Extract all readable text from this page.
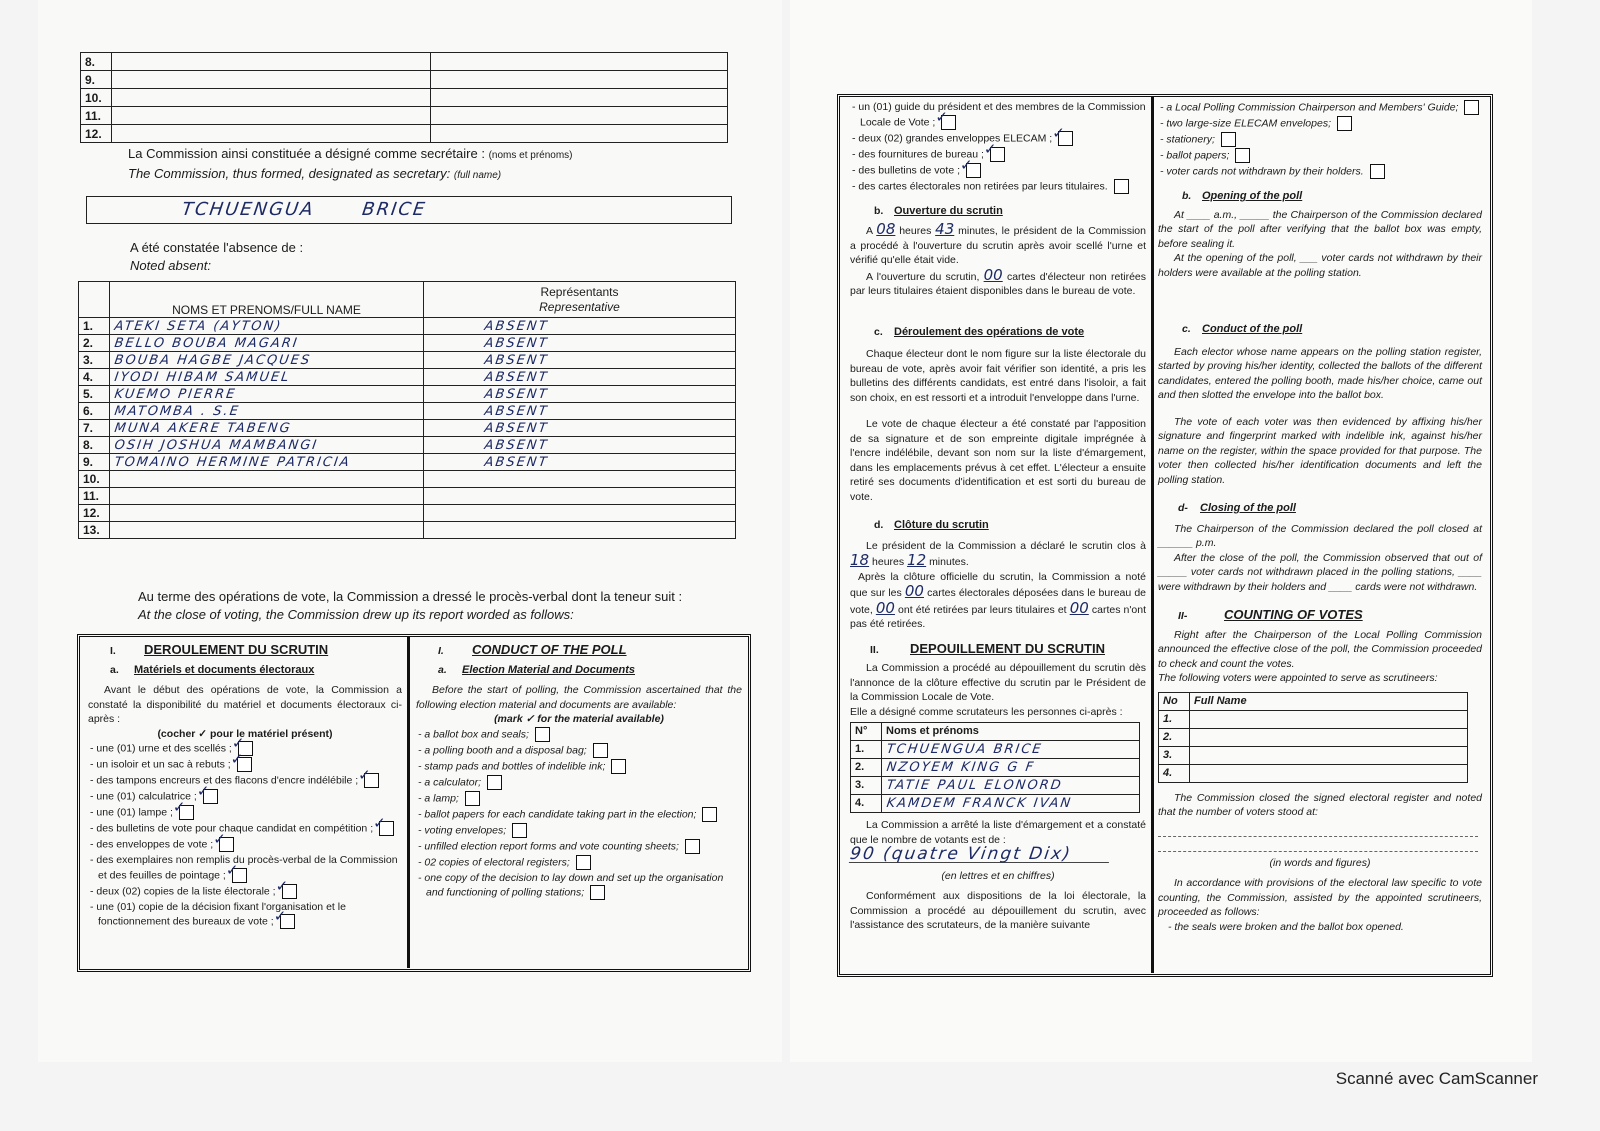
8.		
9.		
10.		
11.		
12.		
La Commission ainsi constituée a désigné comme secrétaire : (noms et prénoms)
The Commission, thus formed, designated as secretary: (full name)
TCHUENGUA BRICE
A été constatée l'absence de :
Noted absent:
	NOMS ET PRENOMS/FULL NAME	Représentants
Representative

1.	ATEKI SETA (AYTON)	ABSENT
2.	BELLO BOUBA MAGARI	ABSENT
3.	BOUBA HAGBE JACQUES	ABSENT
4.	IYODI HIBAM SAMUEL	ABSENT
5.	KUEMO PIERRE	ABSENT
6.	MATOMBA . S.E	ABSENT
7.	MUNA AKERE TABENG	ABSENT
8.	OSIH JOSHUA MAMBANGI	ABSENT
9.	TOMAINO HERMINE PATRICIA	ABSENT
10.		
11.		
12.		
13.		
Au terme des opérations de vote, la Commission a dressé le procès-verbal dont la teneur suit :
At the close of voting, the Commission drew up its report worded as follows:
I. DEROULEMENT DU SCRUTIN
a. Matériels et documents électoraux

Avant le début des opérations de vote, la Commission a constaté la disponibilité du matériel et documents électoraux ci-après :

(cocher ✓ pour le matériel présent)
- une (01) urne et des scellés ;✓
- un isoloir et un sac à rebuts ;✓
- des tampons encreurs et des flacons d'encre indélébile ;✓
- une (01) calculatrice ;✓
- une (01) lampe ;✓
- des bulletins de vote pour chaque candidat en compétition ;✓
- des enveloppes de vote ;✓
- des exemplaires non remplis du procès-verbal de la Commission et des feuilles de pointage ;✓
- deux (02) copies de la liste électorale ;✓
- une (01) copie de la décision fixant l'organisation et le fonctionnement des bureaux de vote ;✓
I. CONDUCT OF THE POLL
a. Election Material and Documents

Before the start of polling, the Commission ascertained that the following election material and documents are available:

(mark ✓ for the material available)
- a ballot box and seals;
- a polling booth and a disposal bag;
- stamp pads and bottles of indelible ink;
- a calculator;
- a lamp;
- ballot papers for each candidate taking part in the election;
- voting envelopes;
- unfilled election report forms and vote counting sheets;
- 02 copies of electoral registers;
- one copy of the decision to lay down and set up the organisation and functioning of polling stations;
- un (01) guide du président et des membres de la Commission Locale de Vote ;✓
- deux (02) grandes enveloppes ELECAM ;✓
- des fournitures de bureau ;✓
- des bulletins de vote ;✓
- des cartes électorales non retirées par leurs titulaires.
b. Ouverture du scrutin

A 08 heures 43 minutes, le président de la Commission a procédé à l'ouverture du scrutin après avoir scellé l'urne et vérifié qu'elle était vide.

A l'ouverture du scrutin, 00 cartes d'électeur non retirées par leurs titulaires étaient disponibles dans le bureau de vote.

c. Déroulement des opérations de vote

Chaque électeur dont le nom figure sur la liste électorale du bureau de vote, après avoir fait vérifier son identité, a pris les bulletins des différents candidats, est entré dans l'isoloir, a fait son choix, en est ressorti et a introduit l'enveloppe dans l'urne.

Le vote de chaque électeur a été constaté par l'apposition de sa signature et de son empreinte digitale imprégnée à l'encre indélébile, devant son nom sur la liste d'émargement, dans les emplacements prévus à cet effet. L'électeur a ensuite retiré ses documents d'identification et est sorti du bureau de vote.

d. Clôture du scrutin

Le président de la Commission a déclaré le scrutin clos à 18 heures 12 minutes.

Après la clôture officielle du scrutin, la Commission a noté que sur les 00 cartes électorales déposées dans le bureau de vote, 00 ont été retirées par leurs titulaires et 00 cartes n'ont pas été retirées.

II. DEPOUILLEMENT DU SCRUTIN

La Commission a procédé au dépouillement du scrutin dès l'annonce de la clôture effective du scrutin par le Président de la Commission Locale de Vote.

Elle a désigné comme scrutateurs les personnes ci-après :

N°	Noms et prénoms
1.	TCHUENGUA BRICE
2.	NZOYEM KING G F
3.	TATIE PAUL ELONORD
4.	KAMDEM FRANCK IVAN

La Commission a arrêté la liste d'émargement et a constaté que le nombre de votants est de :

90 (quatre Vingt Dix)
(en lettres et en chiffres)

Conformément aux dispositions de la loi électorale, la Commission a procédé au dépouillement du scrutin, avec l'assistance des scrutateurs, de la manière suivante

- a Local Polling Commission Chairperson and Members' Guide;
- two large-size ELECAM envelopes;
- stationery;
- ballot papers;
- voter cards not withdrawn by their holders.
b. Opening of the poll

At ____ a.m., _____ the Chairperson of the Commission declared the start of the poll after verifying that the ballot box was empty, before sealing it.

At the opening of the poll, ___ voter cards not withdrawn by their holders were available at the polling station.

c. Conduct of the poll

Each elector whose name appears on the polling station register, started by proving his/her identity, collected the ballots of the different candidates, entered the polling booth, made his/her choice, came out and then slotted the envelope into the ballot box.

The vote of each voter was then evidenced by affixing his/her signature and fingerprint marked with indelible ink, against his/her name on the register, within the space provided for that purpose. The voter then collected his/her identification documents and left the polling station.

d- Closing of the poll

The Chairperson of the Commission declared the poll closed at ______ p.m.

After the close of the poll, the Commission observed that out of _____ voter cards not withdrawn placed in the polling stations, ____ were withdrawn by their holders and ____ cards were not withdrawn.

II-	COUNTING OF VOTES

Right after the Chairperson of the Local Polling Commission announced the effective close of the poll, the Commission proceeded to check and count the votes.

The following voters were appointed to serve as scrutineers:

No	Full Name
1.	
2.	
3.	
4.	

The Commission closed the signed electoral register and noted that the number of voters stood at:

(in words and figures)

In accordance with provisions of the electoral law specific to vote counting, the Commission, assisted by the appointed scrutineers, proceeded as follows:

- the seals were broken and the ballot box opened.

Scanné avec CamScanner
